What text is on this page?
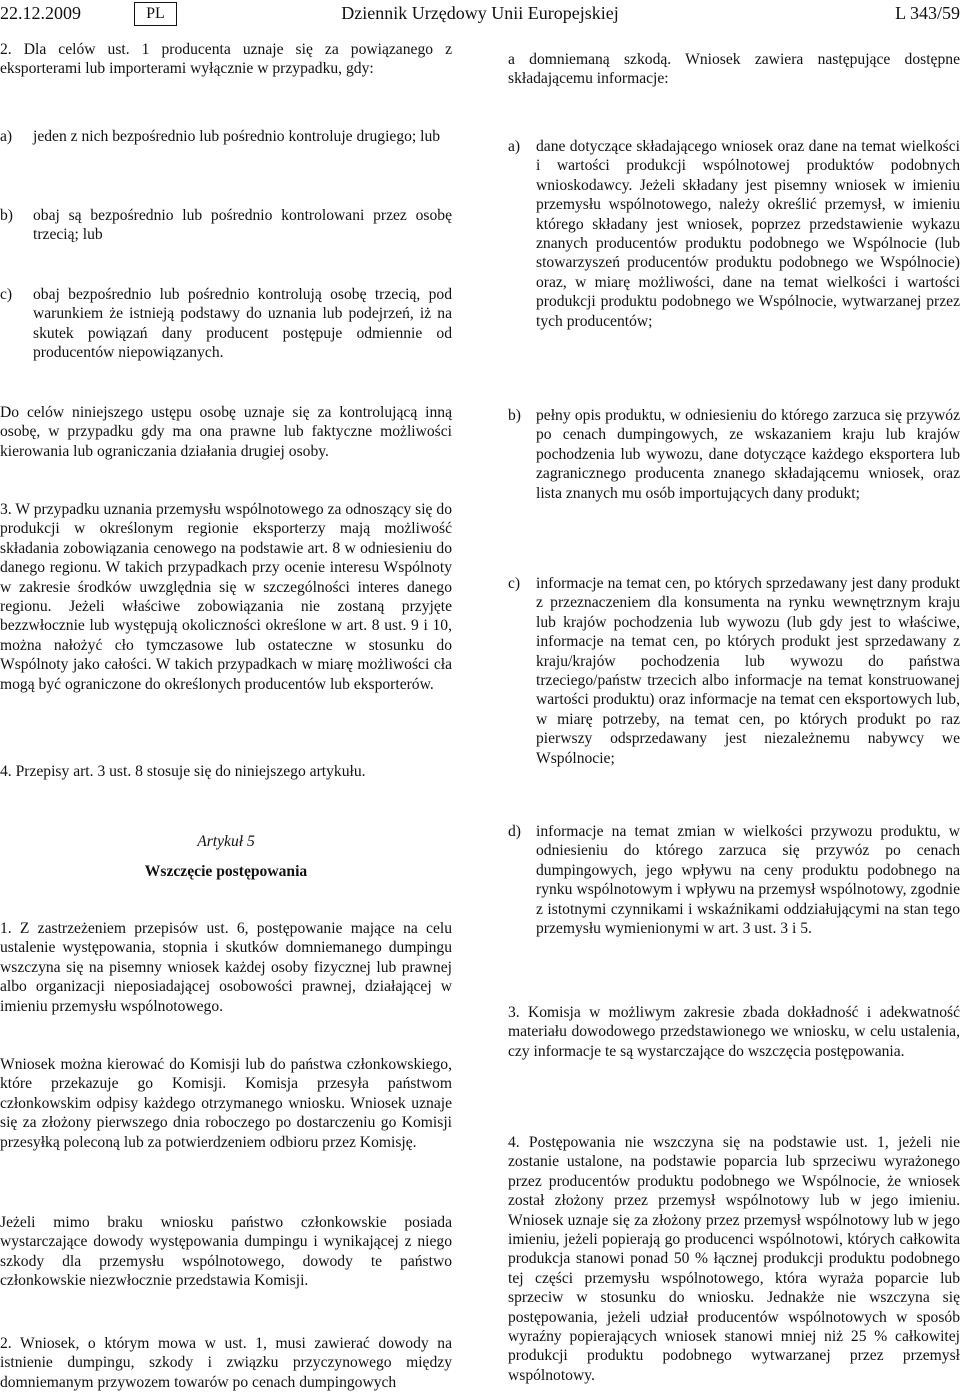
22.12.2009	PL	Dziennik Urzędowy Unii Europejskiej	L 343/59

2. Dla celów ust. 1 producenta uznaje się za powiązanego z eksporterami lub importerami wyłącznie w przypadku, gdy:

a) jeden z nich bezpośrednio lub pośrednio kontroluje drugiego; lub
b) obaj są bezpośrednio lub pośrednio kontrolowani przez osobę trzecią; lub
c) obaj bezpośrednio lub pośrednio kontrolują osobę trzecią, pod warunkiem że istnieją podstawy do uznania lub podejrzeń, iż na skutek powiązań dany producent postępuje odmiennie od producentów niepowiązanych.

Do celów niniejszego ustępu osobę uznaje się za kontrolującą inną osobę, w przypadku gdy ma ona prawne lub faktyczne możliwości kierowania lub ograniczania działania drugiej osoby.

3. W przypadku uznania przemysłu wspólnotowego za odnoszący się do produkcji w określonym regionie eksporterzy mają możliwość składania zobowiązania cenowego na podstawie art. 8 w odniesieniu do danego regionu. W takich przypadkach przy ocenie interesu Wspólnoty w zakresie środków uwzględnia się w szczególności interes danego regionu. Jeżeli właściwe zobowiązania nie zostaną przyjęte bezzwłocznie lub występują okoliczności określone w art. 8 ust. 9 i 10, można nałożyć cło tymczasowe lub ostateczne w stosunku do Wspólnoty jako całości. W takich przypadkach w miarę możliwości cła mogą być ograniczone do określonych producentów lub eksporterów.

4. Przepisy art. 3 ust. 8 stosuje się do niniejszego artykułu.

Artykuł 5
Wszczęcie postępowania

1. Z zastrzeżeniem przepisów ust. 6, postępowanie mające na celu ustalenie występowania, stopnia i skutków domniemanego dumpingu wszczyna się na pisemny wniosek każdej osoby fizycznej lub prawnej albo organizacji nieposiadającej osobowości prawnej, działającej w imieniu przemysłu wspólnotowego.

Wniosek można kierować do Komisji lub do państwa członkowskiego, które przekazuje go Komisji. Komisja przesyła państwom członkowskim odpisy każdego otrzymanego wniosku. Wniosek uznaje się za złożony pierwszego dnia roboczego po dostarczeniu go Komisji przesyłką poleconą lub za potwierdzeniem odbioru przez Komisję.

Jeżeli mimo braku wniosku państwo członkowskie posiada wystarczające dowody występowania dumpingu i wynikającej z niego szkody dla przemysłu wspólnotowego, dowody te państwo członkowskie niezwłocznie przedstawia Komisji.

2. Wniosek, o którym mowa w ust. 1, musi zawierać dowody na istnienie dumpingu, szkody i związku przyczynowego między domniemanym przywozem towarów po cenach dumpingowych

a domniemaną szkodą. Wniosek zawiera następujące dostępne składającemu informacje:

a) dane dotyczące składającego wniosek oraz dane na temat wielkości i wartości produkcji wspólnotowej produktów podobnych wnioskodawcy. Jeżeli składany jest pisemny wniosek w imieniu przemysłu wspólnotowego, należy określić przemysł, w imieniu którego składany jest wniosek, poprzez przedstawienie wykazu znanych producentów produktu podobnego we Wspólnocie (lub stowarzyszeń producentów produktu podobnego we Wspólnocie) oraz, w miarę możliwości, dane na temat wielkości i wartości produkcji produktu podobnego we Wspólnocie, wytwarzanej przez tych producentów;
b) pełny opis produktu, w odniesieniu do którego zarzuca się przywóz po cenach dumpingowych, ze wskazaniem kraju lub krajów pochodzenia lub wywozu, dane dotyczące każdego eksportera lub zagranicznego producenta znanego składającemu wniosek, oraz lista znanych mu osób importujących dany produkt;
c) informacje na temat cen, po których sprzedawany jest dany produkt z przeznaczeniem dla konsumenta na rynku wewnętrznym kraju lub krajów pochodzenia lub wywozu (lub gdy jest to właściwe, informacje na temat cen, po których produkt jest sprzedawany z kraju/krajów pochodzenia lub wywozu do państwa trzeciego/państw trzecich albo informacje na temat konstruowanej wartości produktu) oraz informacje na temat cen eksportowych lub, w miarę potrzeby, na temat cen, po których produkt po raz pierwszy odsprzedawany jest niezależnemu nabywcy we Wspólnocie;
d) informacje na temat zmian w wielkości przywozu produktu, w odniesieniu do którego zarzuca się przywóz po cenach dumpingowych, jego wpływu na ceny produktu podobnego na rynku wspólnotowym i wpływu na przemysł wspólnotowy, zgodnie z istotnymi czynnikami i wskaźnikami oddziałującymi na stan tego przemysłu wymienionymi w art. 3 ust. 3 i 5.

3. Komisja w możliwym zakresie zbada dokładność i adekwatność materiału dowodowego przedstawionego we wniosku, w celu ustalenia, czy informacje te są wystarczające do wszczęcia postępowania.

4. Postępowania nie wszczyna się na podstawie ust. 1, jeżeli nie zostanie ustalone, na podstawie poparcia lub sprzeciwu wyrażonego przez producentów produktu podobnego we Wspólnocie, że wniosek został złożony przez przemysł wspólnotowy lub w jego imieniu. Wniosek uznaje się za złożony przez przemysł wspólnotowy lub w jego imieniu, jeżeli popierają go producenci wspólnotowi, których całkowita produkcja stanowi ponad 50 % łącznej produkcji produktu podobnego tej części przemysłu wspólnotowego, która wyraża poparcie lub sprzeciw w stosunku do wniosku. Jednakże nie wszczyna się postępowania, jeżeli udział producentów wspólnotowych w sposób wyraźny popierających wniosek stanowi mniej niż 25 % całkowitej produkcji produktu podobnego wytwarzanej przez przemysł wspólnotowy.
